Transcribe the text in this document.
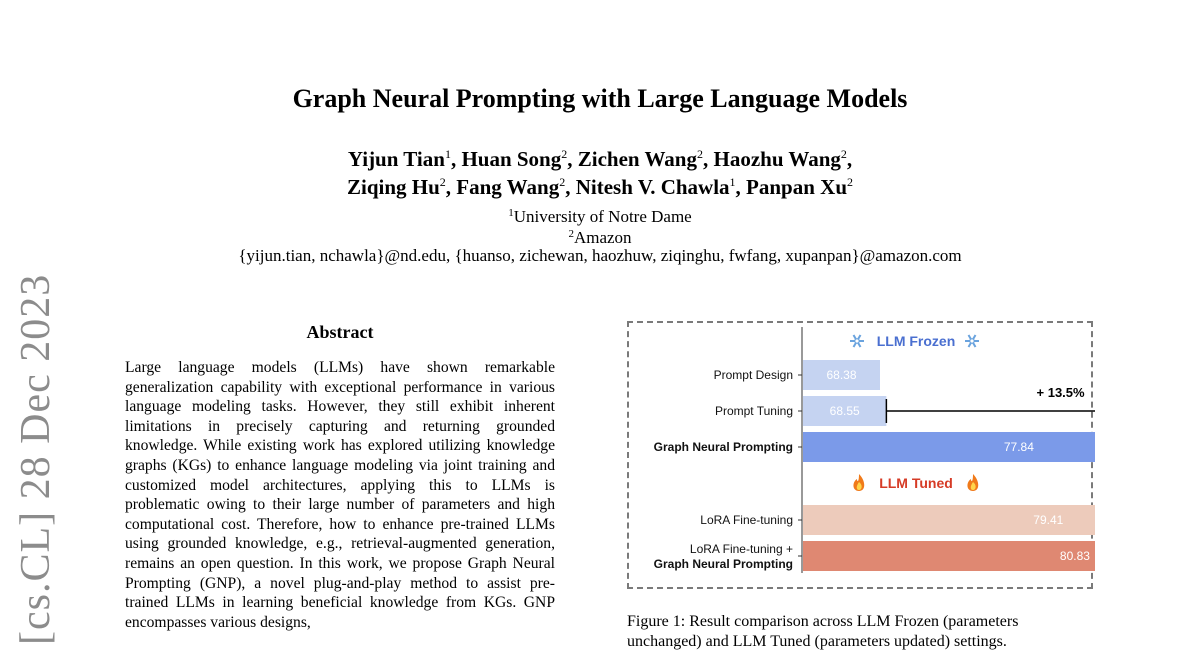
[cs.CL] 28 Dec 2023
Graph Neural Prompting with Large Language Models
Yijun Tian$^1$, Huan Song$^2$, Zichen Wang$^2$, Haozhu Wang$^2$,
Ziqing Hu$^2$, Fang Wang$^2$, Nitesh V. Chawla$^1$, Panpan Xu$^2$
$^1$University of Notre Dame
$^2$Amazon
{yijun.tian, nchawla}@nd.edu, {huanso, zichewan, haozhuw, ziqinghu, fwfang, xupanpan}@amazon.com
Abstract

Large language models (LLMs) have shown remarkable generalization capability with exceptional performance in various language modeling tasks. However, they still exhibit inherent limitations in precisely capturing and returning grounded knowledge. While existing work has explored utilizing knowledge graphs (KGs) to enhance language modeling via joint training and customized model architectures, applying this to LLMs is problematic owing to their large number of parameters and high computational cost. Therefore, how to enhance pre-trained LLMs using grounded knowledge, e.g., retrieval-augmented generation, remains an open question. In this work, we propose Graph Neural Prompting (GNP), a novel plug-and-play method to assist pre-trained LLMs in learning beneficial knowledge from KGs. GNP encompasses various designs,

LLM Frozen
68.38
Prompt Design
68.55
Prompt Tuning
77.84
Graph Neural Prompting
+ 13.5%
LLM Tuned
79.41
LoRA Fine-tuning
80.83
LoRA Fine-tuning +
Graph Neural Prompting

Figure 1: Result comparison across LLM Frozen (parameters unchanged) and LLM Tuned (parameters updated) settings.
